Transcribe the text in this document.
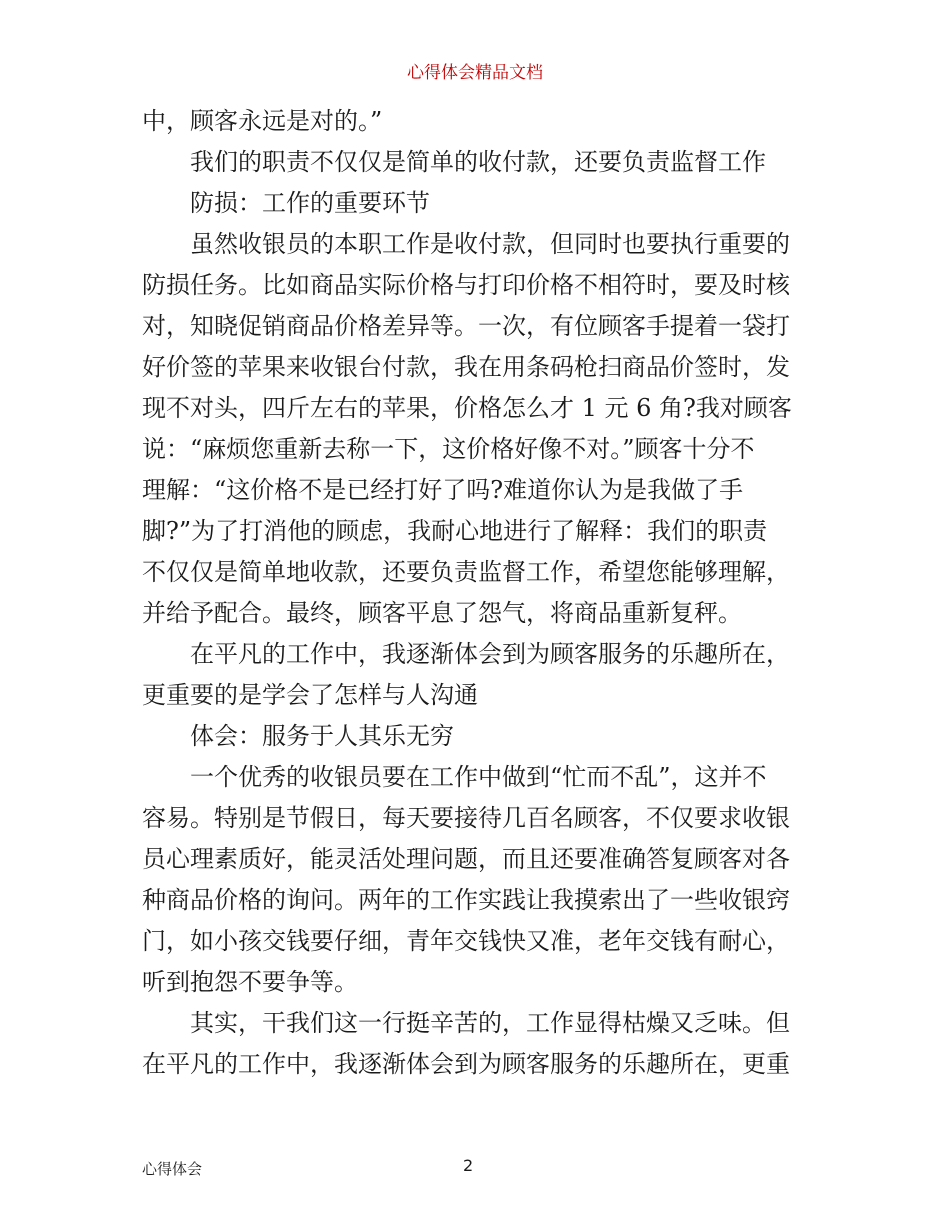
心得体会精品文档
中，顾客永远是对的。”
我们的职责不仅仅是简单的收付款，还要负责监督工作
防损：工作的重要环节
虽然收银员的本职工作是收付款，但同时也要执行重要的
防损任务。比如商品实际价格与打印价格不相符时，要及时核
对，知晓促销商品价格差异等。一次，有位顾客手提着一袋打
好价签的苹果来收银台付款，我在用条码枪扫商品价签时，发
现不对头，四斤左右的苹果，价格怎么才 1 元 6 角?我对顾客
说：“麻烦您重新去称一下，这价格好像不对。”顾客十分不
理解：“这价格不是已经打好了吗?难道你认为是我做了手
脚?”为了打消他的顾虑，我耐心地进行了解释：我们的职责
不仅仅是简单地收款，还要负责监督工作，希望您能够理解，
并给予配合。最终，顾客平息了怨气，将商品重新复秤。
在平凡的工作中，我逐渐体会到为顾客服务的乐趣所在，
更重要的是学会了怎样与人沟通
体会：服务于人其乐无穷
一个优秀的收银员要在工作中做到“忙而不乱”，这并不
容易。特别是节假日，每天要接待几百名顾客，不仅要求收银
员心理素质好，能灵活处理问题，而且还要准确答复顾客对各
种商品价格的询问。两年的工作实践让我摸索出了一些收银窍
门，如小孩交钱要仔细，青年交钱快又准，老年交钱有耐心，
听到抱怨不要争等。
其实，干我们这一行挺辛苦的，工作显得枯燥又乏味。但
在平凡的工作中，我逐渐体会到为顾客服务的乐趣所在，更重
心得体会	2
